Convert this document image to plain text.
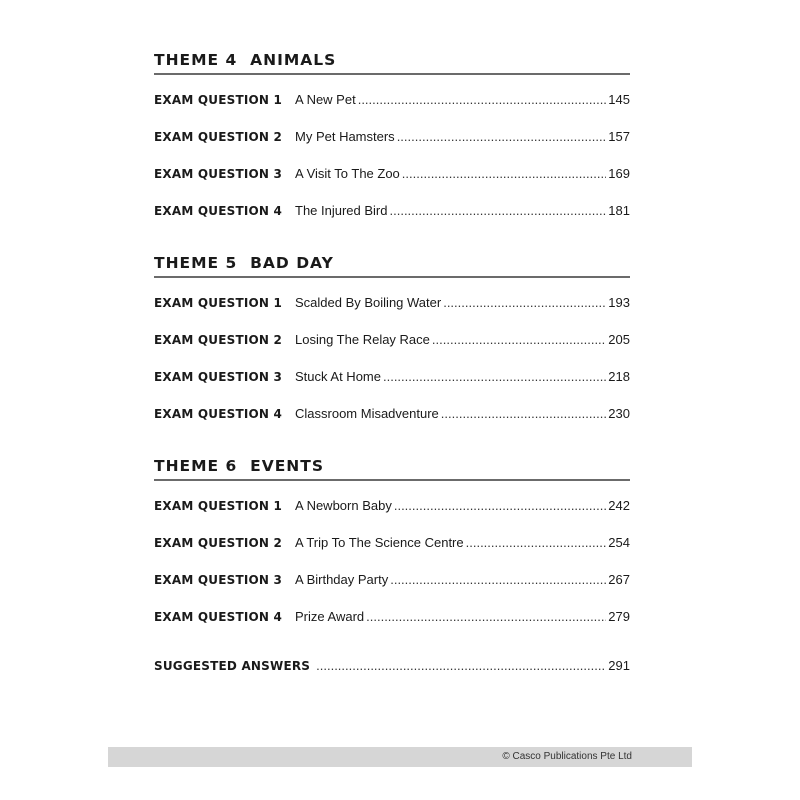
THEME 4  ANIMALS
EXAM QUESTION 1 A New Pet .....	145
EXAM QUESTION 2 My Pet Hamsters .....	157
EXAM QUESTION 3 A Visit To The Zoo .....	169
EXAM QUESTION 4 The Injured Bird .....	181
THEME 5  BAD DAY
EXAM QUESTION 1 Scalded By Boiling Water .....	193
EXAM QUESTION 2 Losing The Relay Race .....	205
EXAM QUESTION 3 Stuck At Home .....	218
EXAM QUESTION 4 Classroom Misadventure .....	230
THEME 6  EVENTS
EXAM QUESTION 1 A Newborn Baby .....	242
EXAM QUESTION 2 A Trip To The Science Centre .....	254
EXAM QUESTION 3 A Birthday Party .....	267
EXAM QUESTION 4 Prize Award .....	279
SUGGESTED ANSWERS .....	291
© Casco Publications Pte Ltd
